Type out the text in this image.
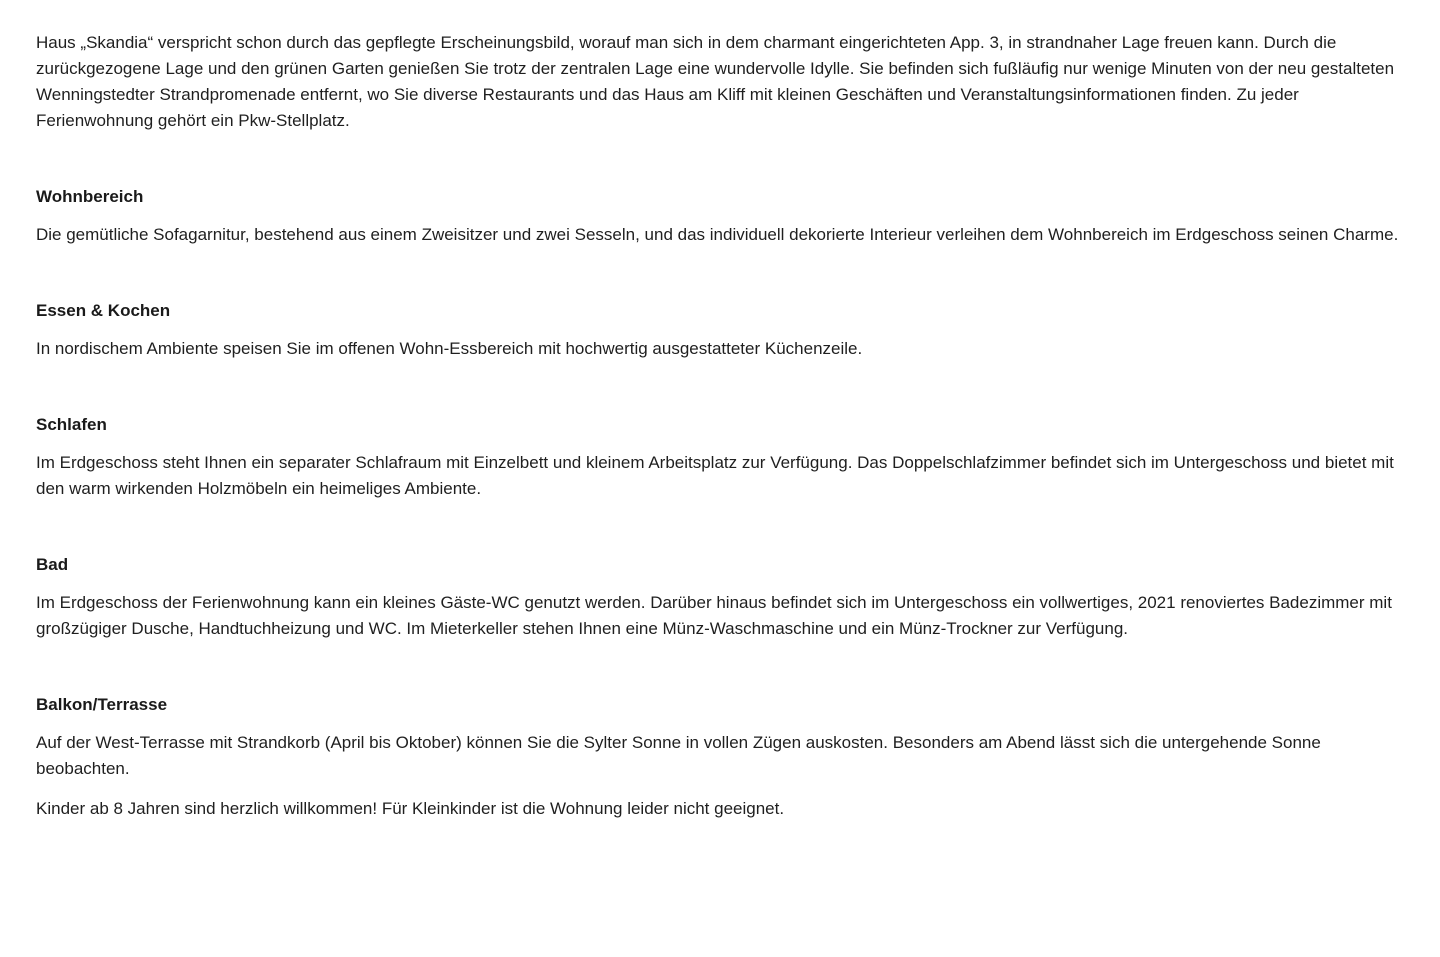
Haus „Skandia“ verspricht schon durch das gepflegte Erscheinungsbild, worauf man sich in dem charmant eingerichteten App. 3, in strandnaher Lage freuen kann. Durch die zurückgezogene Lage und den grünen Garten genießen Sie trotz der zentralen Lage eine wundervolle Idylle. Sie befinden sich fußläufig nur wenige Minuten von der neu gestalteten Wenningstedter Strandpromenade entfernt, wo Sie diverse Restaurants und das Haus am Kliff mit kleinen Geschäften und Veranstaltungsinformationen finden. Zu jeder Ferienwohnung gehört ein Pkw-Stellplatz.

Wohnbereich

Die gemütliche Sofagarnitur, bestehend aus einem Zweisitzer und zwei Sesseln, und das individuell dekorierte Interieur verleihen dem Wohnbereich im Erdgeschoss seinen Charme.

Essen & Kochen

In nordischem Ambiente speisen Sie im offenen Wohn-Essbereich mit hochwertig ausgestatteter Küchenzeile.

Schlafen

Im Erdgeschoss steht Ihnen ein separater Schlafraum mit Einzelbett und kleinem Arbeitsplatz zur Verfügung. Das Doppelschlafzimmer befindet sich im Untergeschoss und bietet mit den warm wirkenden Holzmöbeln ein heimeliges Ambiente.

Bad

Im Erdgeschoss der Ferienwohnung kann ein kleines Gäste-WC genutzt werden. Darüber hinaus befindet sich im Untergeschoss ein vollwertiges, 2021 renoviertes Badezimmer mit großzügiger Dusche, Handtuchheizung und WC. Im Mieterkeller stehen Ihnen eine Münz-Waschmaschine und ein Münz-Trockner zur Verfügung.

Balkon/Terrasse

Auf der West-Terrasse mit Strandkorb (April bis Oktober) können Sie die Sylter Sonne in vollen Zügen auskosten. Besonders am Abend lässt sich die untergehende Sonne beobachten.

Kinder ab 8 Jahren sind herzlich willkommen! Für Kleinkinder ist die Wohnung leider nicht geeignet.
